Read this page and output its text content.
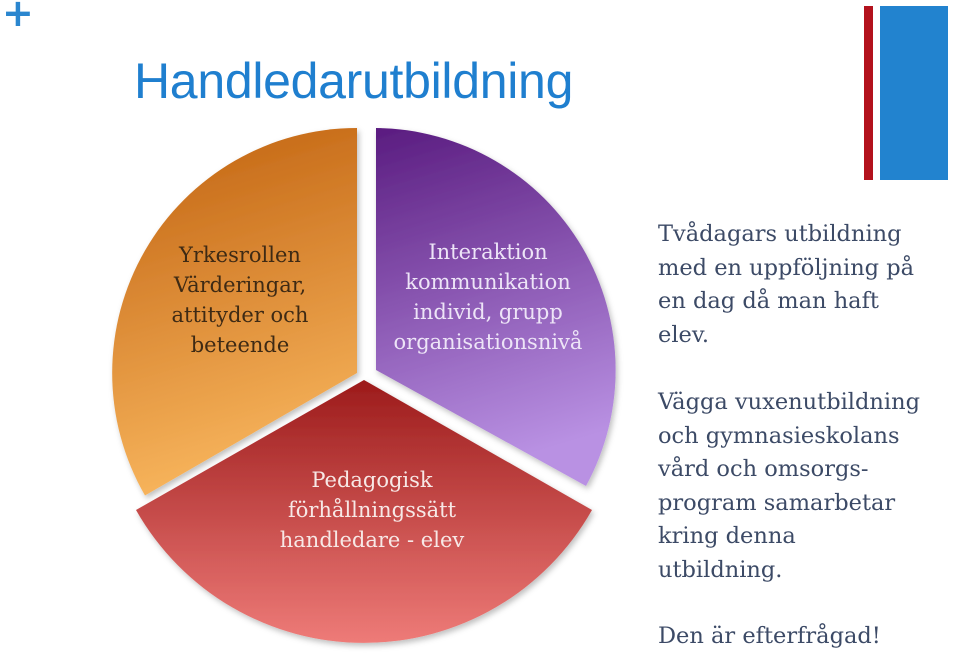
+
Handledarutbildning
Yrkesrollen
Värderingar,
attityder och
beteende
Interaktion
kommunikation
individ, grupp
organisationsnivå
Pedagogisk
förhållningssätt
handledare - elev

Tvådagars utbildning
med en uppföljning på
en dag då man haft
elev.

Vägga vuxenutbildning
och gymnasieskolans
vård och omsorgs-
program samarbetar
kring denna
utbildning.

Den är efterfrågad!
